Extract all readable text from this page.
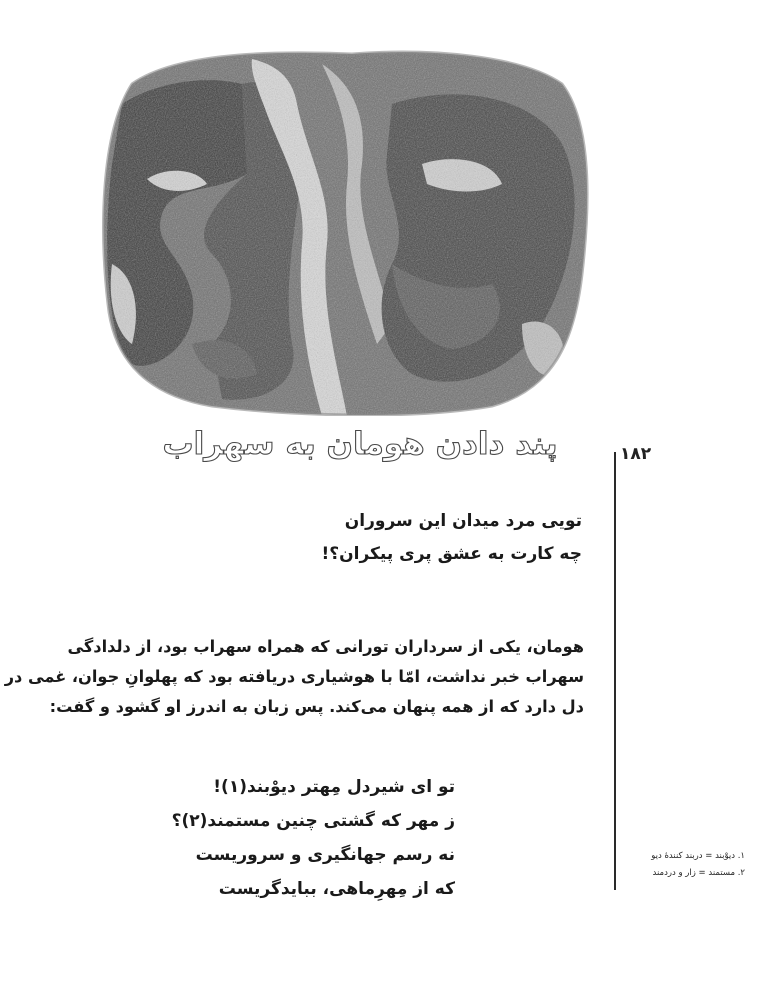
پند دادن هومان به سهراب	۱۸۲
تویی مرد میدان این سروران
چه کارت به عشق پری پیکران؟!
هومان، یکی از سرداران تورانی که همراه سهراب بود، از دلدادگی
سهراب خبر نداشت، امّا با هوشیاری دریافته بود که پهلوانِ جوان، غمی در
دل دارد که از همه پنهان می‌کند. پس زبان به اندرز او گشود و گفت:
تو ای شیردل مِهتر دیوْبند(۱)!
ز مهر که گشتی چنین مستمند(۲)؟
نه رسم جهانگیری و سروریست
که از مِهرِماهی، ببایدگریست
۱. دیوْبند = دربند کنندهٔ دیو
۲. مستمند = زار و دردمند
